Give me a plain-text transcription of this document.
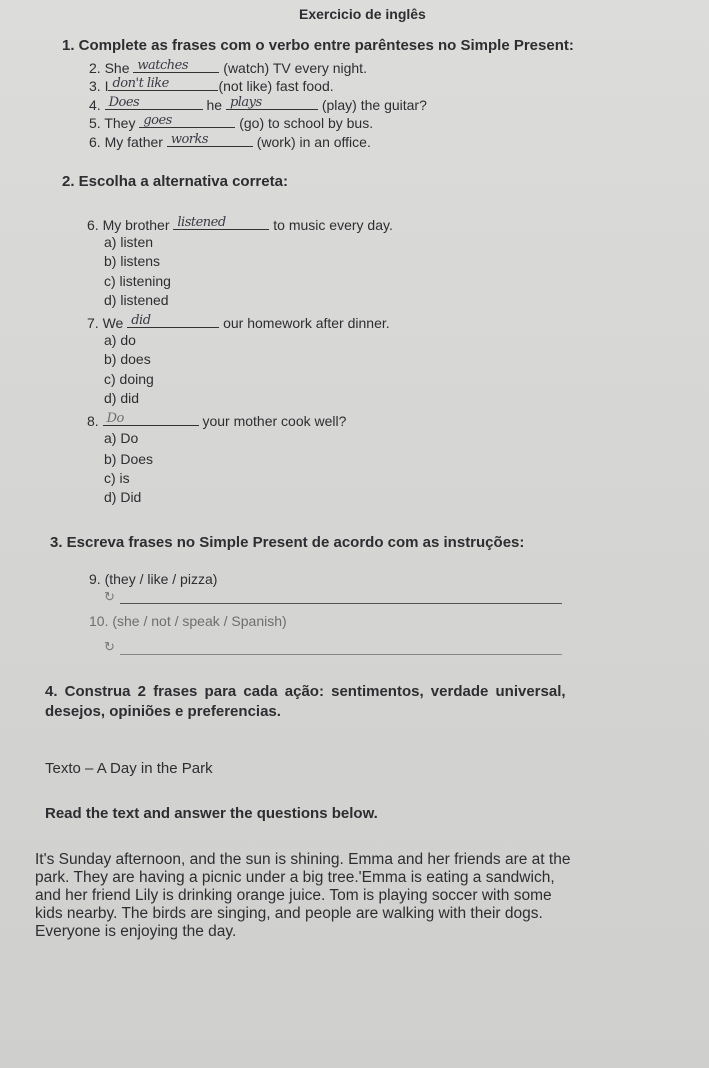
Exercicio de inglês
1. Complete as frases com o verbo entre parênteses no Simple Present:
2. She watches	(watch) TV every night.
3. I don't like	(not like) fast food.
4. Does	he plays	(play) the guitar?
5. They goes	(go) to school by bus.
6. My father works	(work) in an office.
2. Escolha a alternativa correta:
6. My brother listened	to music every day.
a) listen
b) listens
c) listening
d) listened
7. We did	our homework after dinner.
a) do
b) does
c) doing
d) did
8. Do	your mother cook well?
a) Do
b) Does
c) is
d) Did
3. Escreva frases no Simple Present de acordo com as instruções:
9. (they / like / pizza)
↻
10. (she / not / speak / Spanish)
↻
4. Construa 2 frases para cada ação: sentimentos, verdade universal,
desejos, opiniões e preferencias.
Texto – A Day in the Park
Read the text and answer the questions below.
It's Sunday afternoon, and the sun is shining. Emma and her friends are at the
park. They are having a picnic under a big tree.'Emma is eating a sandwich,
and her friend Lily is drinking orange juice. Tom is playing soccer with some
kids nearby. The birds are singing, and people are walking with their dogs.
Everyone is enjoying the day.
